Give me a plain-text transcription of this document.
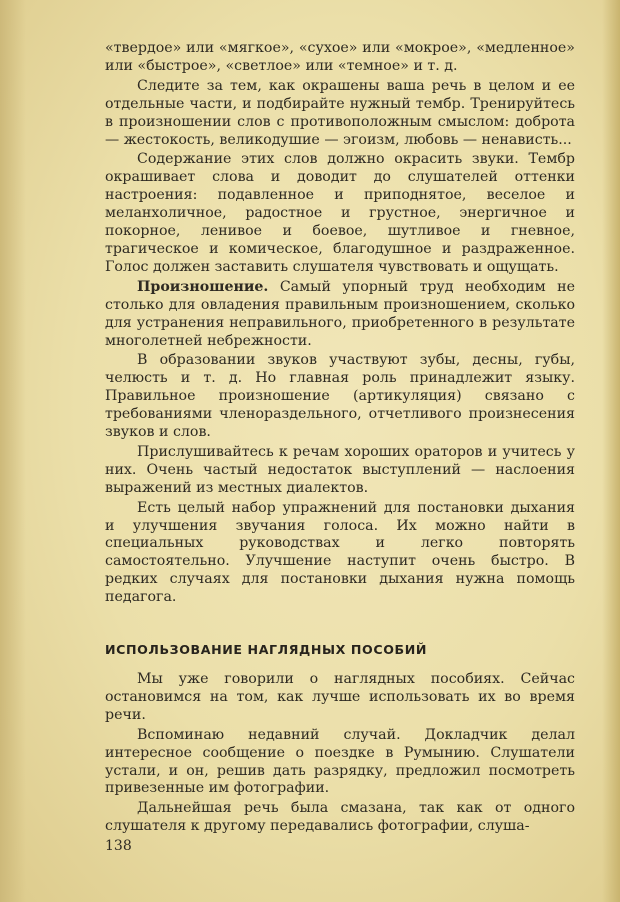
«твердое» или «мягкое», «сухое» или «мокрое», «медленное» или «быстрое», «светлое» или «темное» и т. д.

Следите за тем, как окрашены ваша речь в целом и ее отдельные части, и подбирайте нужный тембр. Тренируйтесь в произношении слов с противоположным смыслом: доброта — жестокость, великодушие — эгоизм, любовь — ненависть...

Содержание этих слов должно окрасить звуки. Тембр окрашивает слова и доводит до слушателей оттенки настроения: подавленное и приподнятое, веселое и меланхоличное, радостное и грустное, энергичное и покорное, ленивое и боевое, шутливое и гневное, трагическое и комическое, благодушное и раздраженное. Голос должен заставить слушателя чувствовать и ощущать.

Произношение. Самый упорный труд необходим не столько для овладения правильным произношением, сколько для устранения неправильного, приобретенного в результате многолетней небрежности.

В образовании звуков участвуют зубы, десны, губы, челюсть и т. д. Но главная роль принадлежит языку. Правильное произношение (артикуляция) связано с требованиями членораздельного, отчетливого произнесения звуков и слов.

Прислушивайтесь к речам хороших ораторов и учитесь у них. Очень частый недостаток выступлений — наслоения выражений из местных диалектов.

Есть целый набор упражнений для постановки дыхания и улучшения звучания голоса. Их можно найти в специальных руководствах и легко повторять самостоятельно. Улучшение наступит очень быстро. В редких случаях для постановки дыхания нужна помощь педагога.

ИСПОЛЬЗОВАНИЕ НАГЛЯДНЫХ ПОСОБИЙ

Мы уже говорили о наглядных пособиях. Сейчас остановимся на том, как лучше использовать их во время речи.

Вспоминаю недавний случай. Докладчик делал интересное сообщение о поездке в Румынию. Слушатели устали, и он, решив дать разрядку, предложил посмотреть привезенные им фотографии.

Дальнейшая речь была смазана, так как от одного слушателя к другому передавались фотографии, слуша-

138
